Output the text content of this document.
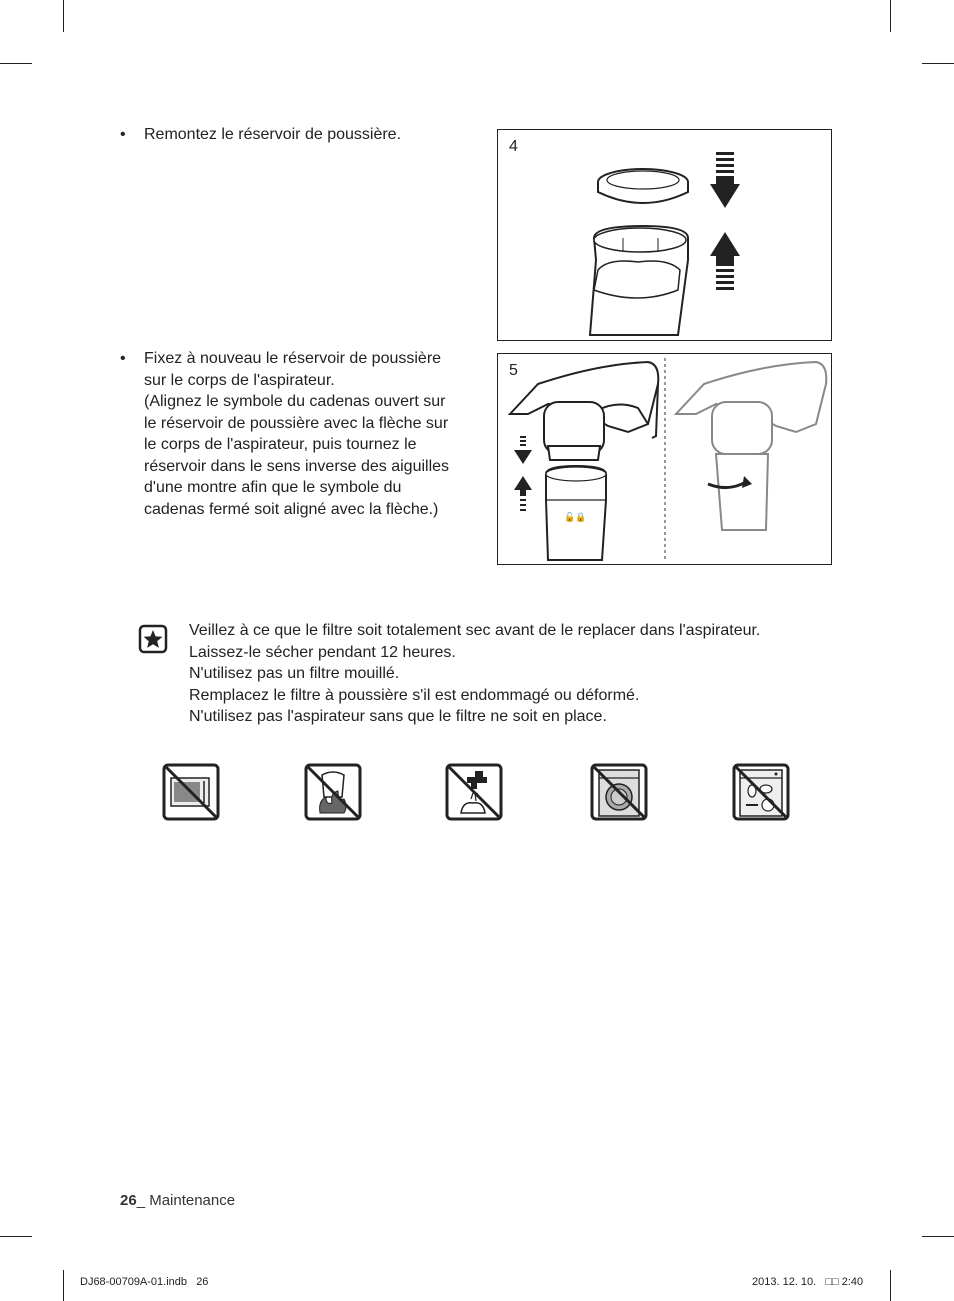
• Remontez le réservoir de poussière.
4
• Fixez à nouveau le réservoir de poussière
sur le corps de l'aspirateur.
(Alignez le symbole du cadenas ouvert sur
le réservoir de poussière avec la flèche sur
le corps de l'aspirateur, puis tournez le
réservoir dans le sens inverse des aiguilles
d'une montre afin que le symbole du
cadenas fermé soit aligné avec la flèche.)
5
🔓🔒
Veillez à ce que le filtre soit totalement sec avant de le replacer dans l'aspirateur.
Laissez-le sécher pendant 12 heures.
N'utilisez pas un filtre mouillé.
Remplacez le filtre à poussière s'il est endommagé ou déformé.
N'utilisez pas l'aspirateur sans que le filtre ne soit en place.
26_ Maintenance
DJ68-00709A-01.indb   26	2013. 12. 10.   □□ 2:40
